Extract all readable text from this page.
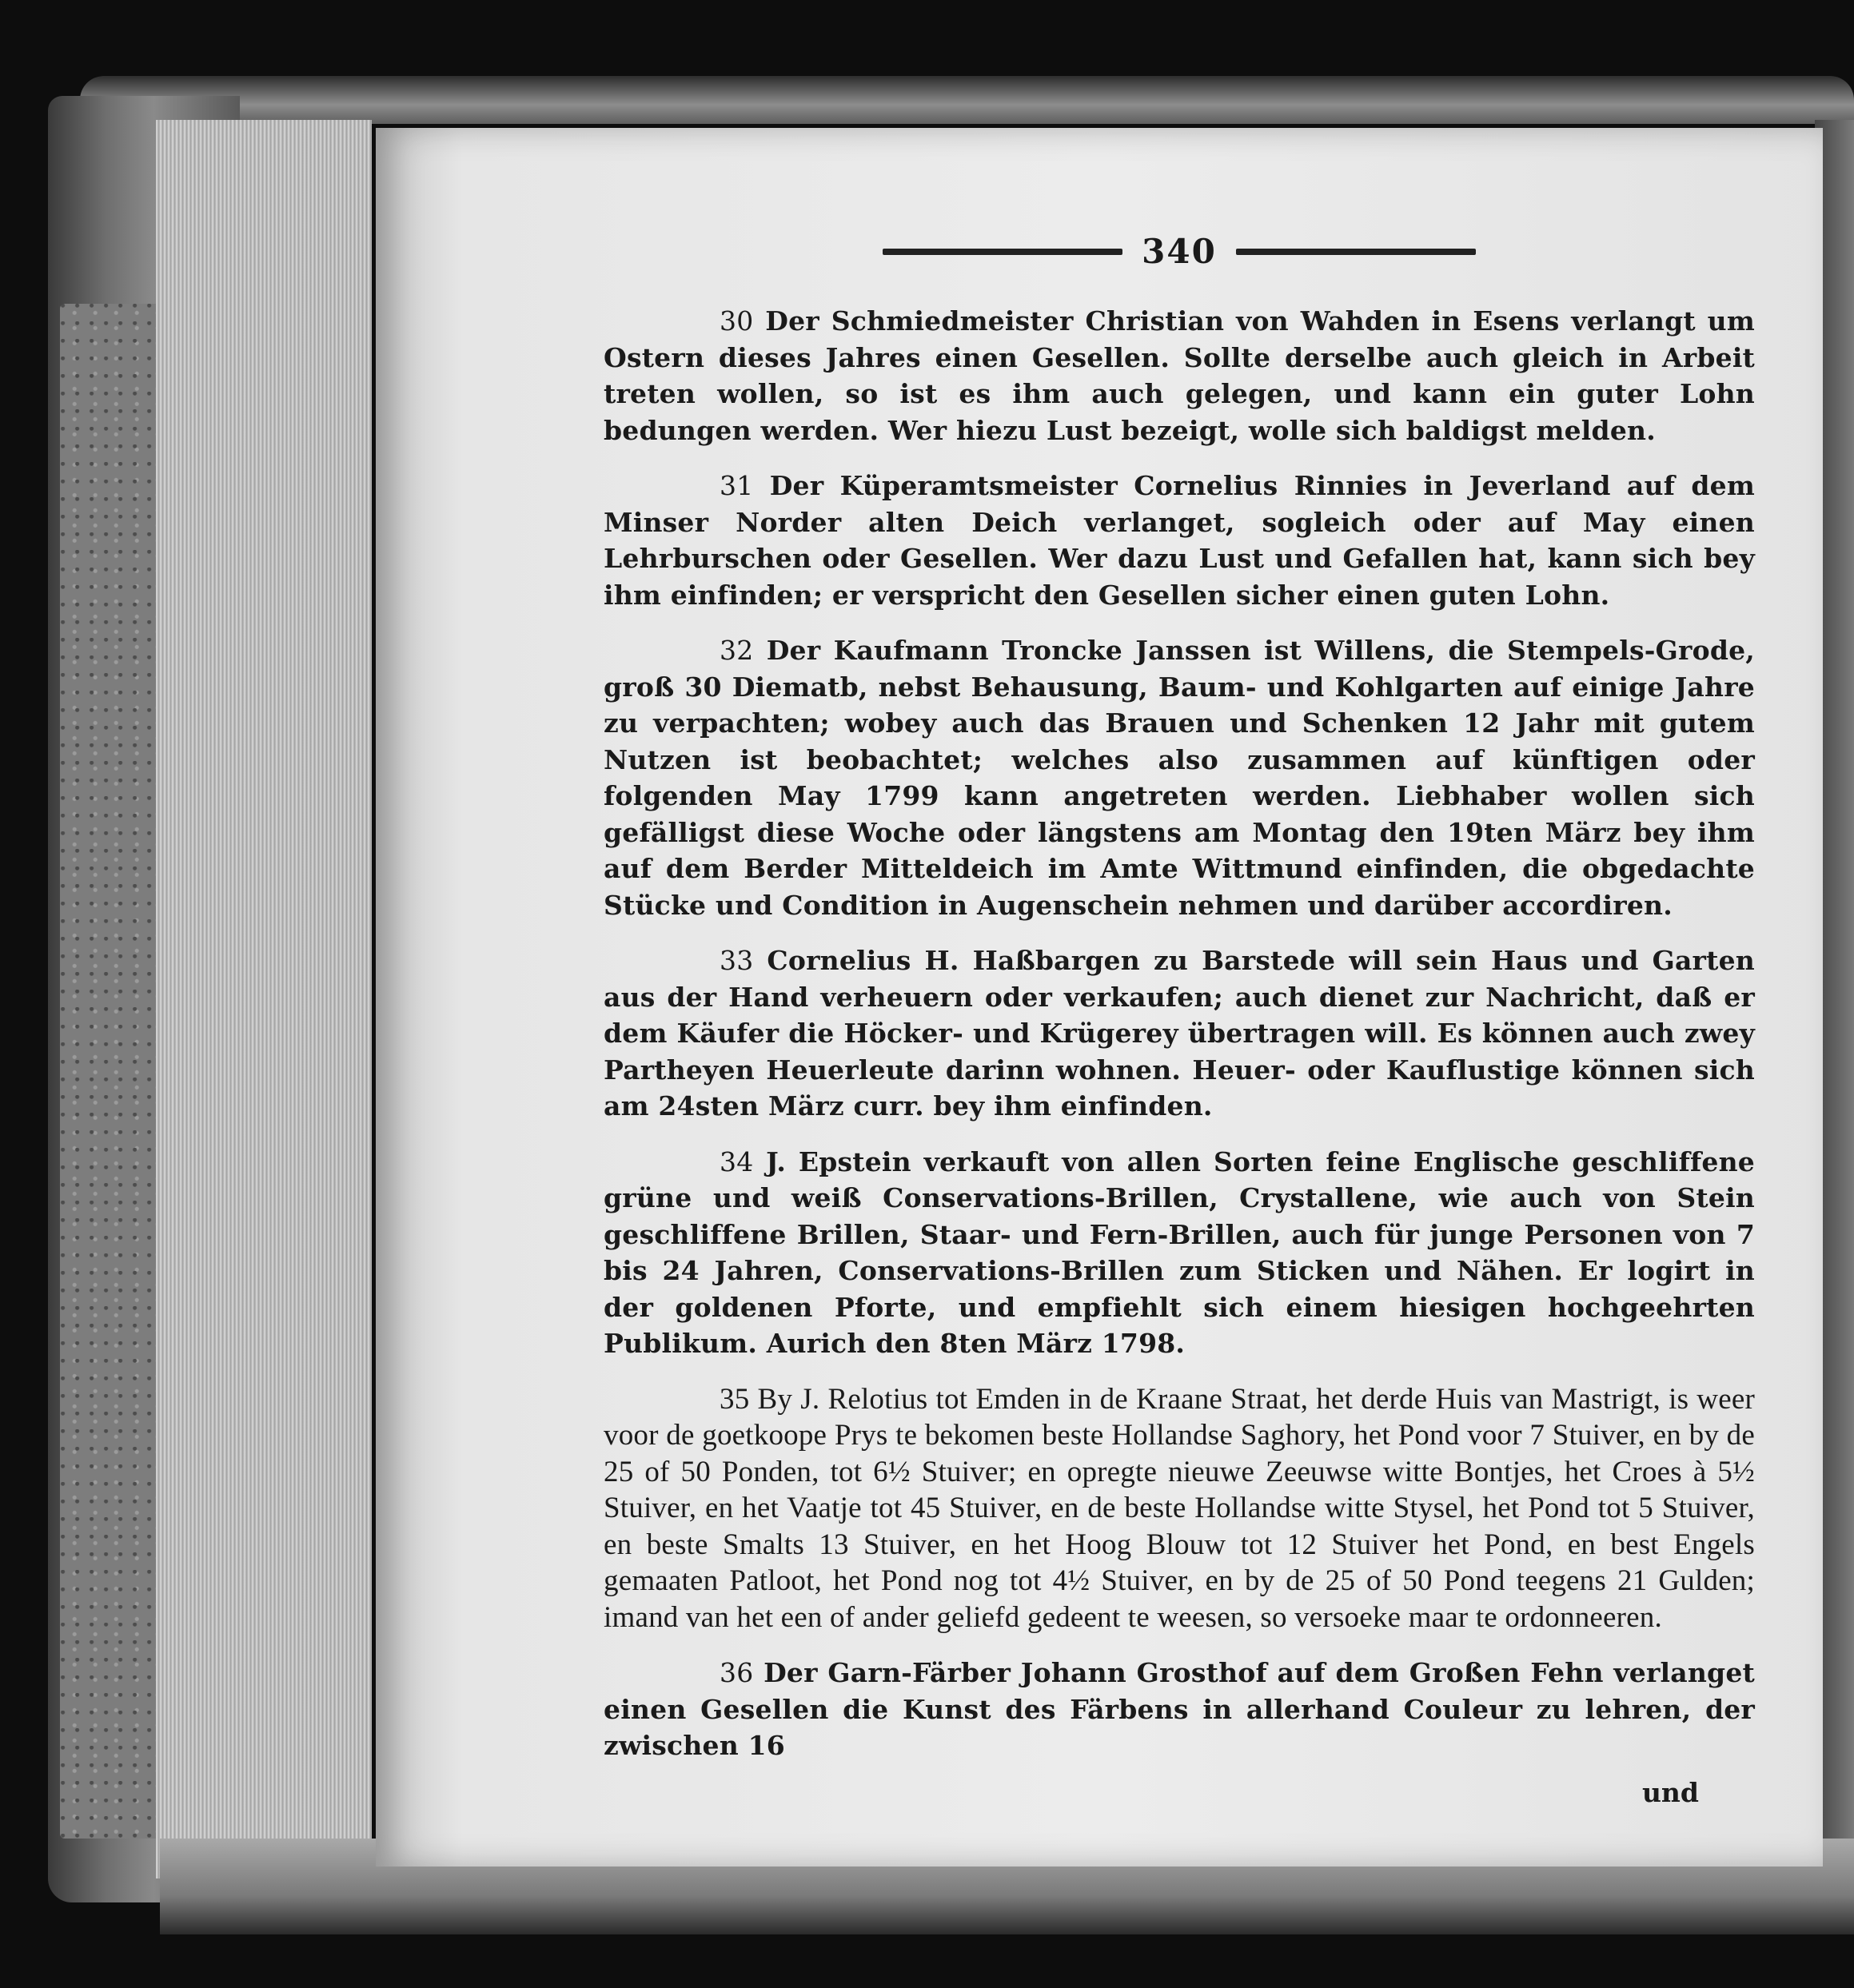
340

30 Der Schmiedmeister Christian von Wahden in Esens verlangt um Ostern dieses Jahres einen Gesellen. Sollte derselbe auch gleich in Arbeit treten wollen, so ist es ihm auch gelegen, und kann ein guter Lohn bedungen werden. Wer hiezu Lust bezeigt, wolle sich baldigst melden.

31 Der Küperamtsmeister Cornelius Rinnies in Jeverland auf dem Minser Norder alten Deich verlanget, sogleich oder auf May einen Lehrburschen oder Gesellen. Wer dazu Lust und Gefallen hat, kann sich bey ihm einfinden; er verspricht den Gesellen sicher einen guten Lohn.

32 Der Kaufmann Troncke Janssen ist Willens, die Stempels-Grode, groß 30 Diematb, nebst Behausung, Baum- und Kohlgarten auf einige Jahre zu verpachten; wobey auch das Brauen und Schenken 12 Jahr mit gutem Nutzen ist beobachtet; welches also zusammen auf künftigen oder folgenden May 1799 kann angetreten werden. Liebhaber wollen sich gefälligst diese Woche oder längstens am Montag den 19ten März bey ihm auf dem Berder Mitteldeich im Amte Wittmund einfinden, die obgedachte Stücke und Condition in Augenschein nehmen und darüber accordiren.

33 Cornelius H. Haßbargen zu Barstede will sein Haus und Garten aus der Hand verheuern oder verkaufen; auch dienet zur Nachricht, daß er dem Käufer die Höcker- und Krügerey übertragen will. Es können auch zwey Partheyen Heuerleute darinn wohnen. Heuer- oder Kauflustige können sich am 24sten März curr. bey ihm einfinden.

34 J. Epstein verkauft von allen Sorten feine Englische geschliffene grüne und weiß Conservations-Brillen, Crystallene, wie auch von Stein geschliffene Brillen, Staar- und Fern-Brillen, auch für junge Personen von 7 bis 24 Jahren, Conservations-Brillen zum Sticken und Nähen. Er logirt in der goldenen Pforte, und empfiehlt sich einem hiesigen hochgeehrten Publikum. Aurich den 8ten März 1798.

35 By J. Relotius tot Emden in de Kraane Straat, het derde Huis van Mastrigt, is weer voor de goetkoope Prys te bekomen beste Hollandse Saghory, het Pond voor 7 Stuiver, en by de 25 of 50 Ponden, tot 6½ Stuiver; en opregte nieuwe Zeeuwse witte Bontjes, het Croes à 5½ Stuiver, en het Vaatje tot 45 Stuiver, en de beste Hollandse witte Stysel, het Pond tot 5 Stuiver, en beste Smalts 13 Stuiver, en het Hoog Blouw tot 12 Stuiver het Pond, en best Engels gemaaten Patloot, het Pond nog tot 4½ Stuiver, en by de 25 of 50 Pond teegens 21 Gulden; imand van het een of ander geliefd gedeent te weesen, so versoeke maar te ordonneeren.

36 Der Garn-Färber Johann Grosthof auf dem Großen Fehn verlanget einen Gesellen die Kunst des Färbens in allerhand Couleur zu lehren, der zwischen 16

und
